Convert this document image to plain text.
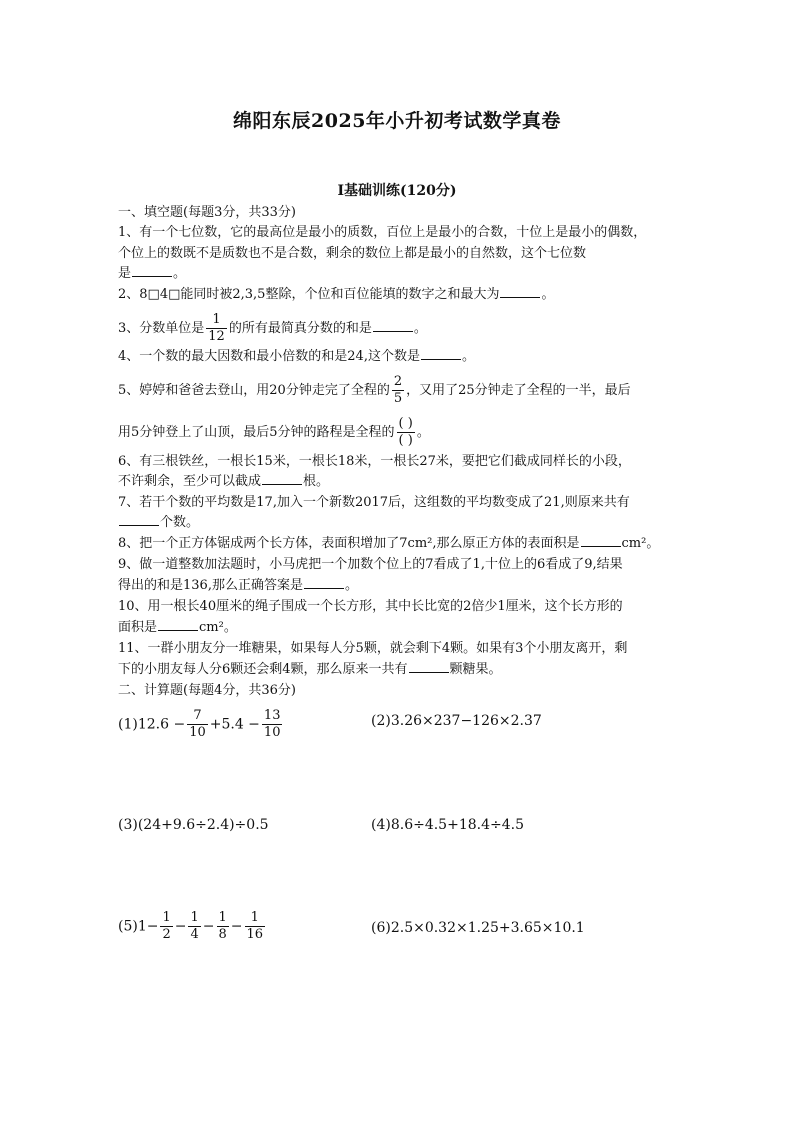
绵阳东辰2025年小升初考试数学真卷
I基础训练(120分)
一、填空题(每题3分，共33分)
1、有一个七位数，它的最高位是最小的质数，百位上是最小的合数，十位上是最小的偶数，
个位上的数既不是质数也不是合数，剩余的数位上都是最小的自然数，这个七位数
是	。
2、8□4□能同时被2,3,5整除，个位和百位能填的数字之和最大为	。
3、分数单位是 $\frac{1}{12}$ 的所有最简真分数的和是	。
4、一个数的最大因数和最小倍数的和是24,这个数是	。
5、婷婷和爸爸去登山，用20分钟走完了全程的 $\frac{2}{5}$ ，又用了25分钟走了全程的一半，最后
用5分钟登上了山顶，最后5分钟的路程是全程的 $\frac{( )}{( )}$ 。
6、有三根铁丝，一根长15米，一根长18米，一根长27米，要把它们截成同样长的小段，
不许剩余，至少可以截成	根。
7、若干个数的平均数是17,加入一个新数2017后，这组数的平均数变成了21,则原来共有
个数。
8、把一个正方体锯成两个长方体，表面积增加了7cm²,那么原正方体的表面积是	cm²。
9、做一道整数加法题时，小马虎把一个加数个位上的7看成了1,十位上的6看成了9,结果
得出的和是136,那么正确答案是	。
10、用一根长40厘米的绳子围成一个长方形，其中长比宽的2倍少1厘米，这个长方形的
面积是	cm²。
11、一群小朋友分一堆糖果，如果每人分5颗，就会剩下4颗。如果有3个小朋友离开，剩
下的小朋友每人分6颗还会剩4颗，那么原来一共有	颗糖果。
二、计算题(每题4分，共36分)
$(1)12.6 - \frac{7}{10} +5.4 - \frac{13}{10}$	(2)3.26×237−126×2.37
(3)(24+9.6÷2.4)÷0.5	(4)8.6÷4.5+18.4÷4.5
$(5)1- \frac{1}{2} - \frac{1}{4} - \frac{1}{8} - \frac{1}{16}$	(6)2.5×0.32×1.25+3.65×10.1
